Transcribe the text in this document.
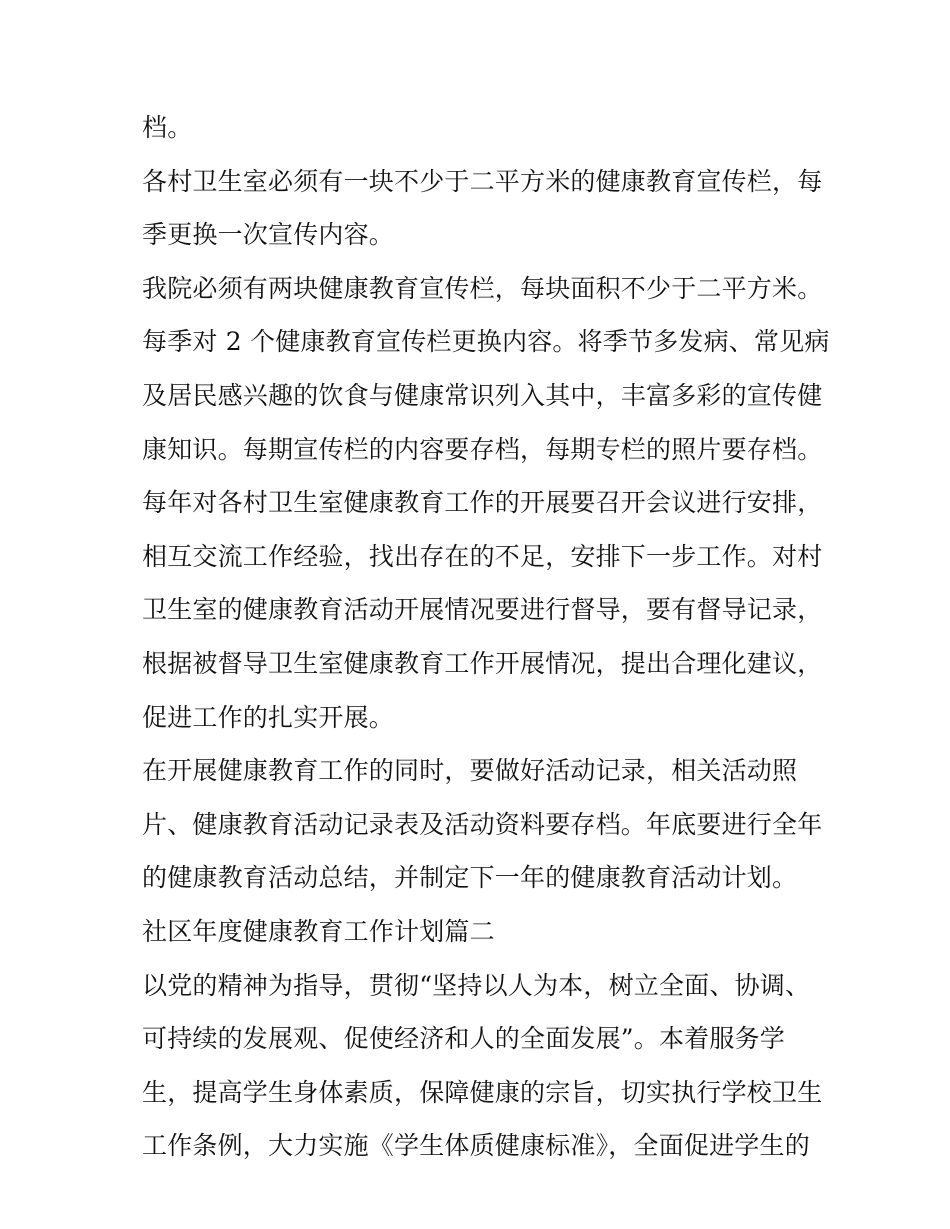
档。
各村卫生室必须有一块不少于二平方米的健康教育宣传栏，每
季更换一次宣传内容。
我院必须有两块健康教育宣传栏，每块面积不少于二平方米。
每季对 2 个健康教育宣传栏更换内容。将季节多发病、常见病
及居民感兴趣的饮食与健康常识列入其中，丰富多彩的宣传健
康知识。每期宣传栏的内容要存档，每期专栏的照片要存档。
每年对各村卫生室健康教育工作的开展要召开会议进行安排，
相互交流工作经验，找出存在的不足，安排下一步工作。对村
卫生室的健康教育活动开展情况要进行督导，要有督导记录，
根据被督导卫生室健康教育工作开展情况，提出合理化建议，
促进工作的扎实开展。
在开展健康教育工作的同时，要做好活动记录，相关活动照
片、健康教育活动记录表及活动资料要存档。年底要进行全年
的健康教育活动总结，并制定下一年的健康教育活动计划。
社区年度健康教育工作计划篇二
以党的精神为指导，贯彻“坚持以人为本，树立全面、协调、
可持续的发展观、促使经济和人的全面发展”。本着服务学
生，提高学生身体素质，保障健康的宗旨，切实执行学校卫生
工作条例，大力实施《学生体质健康标准》，全面促进学生的
